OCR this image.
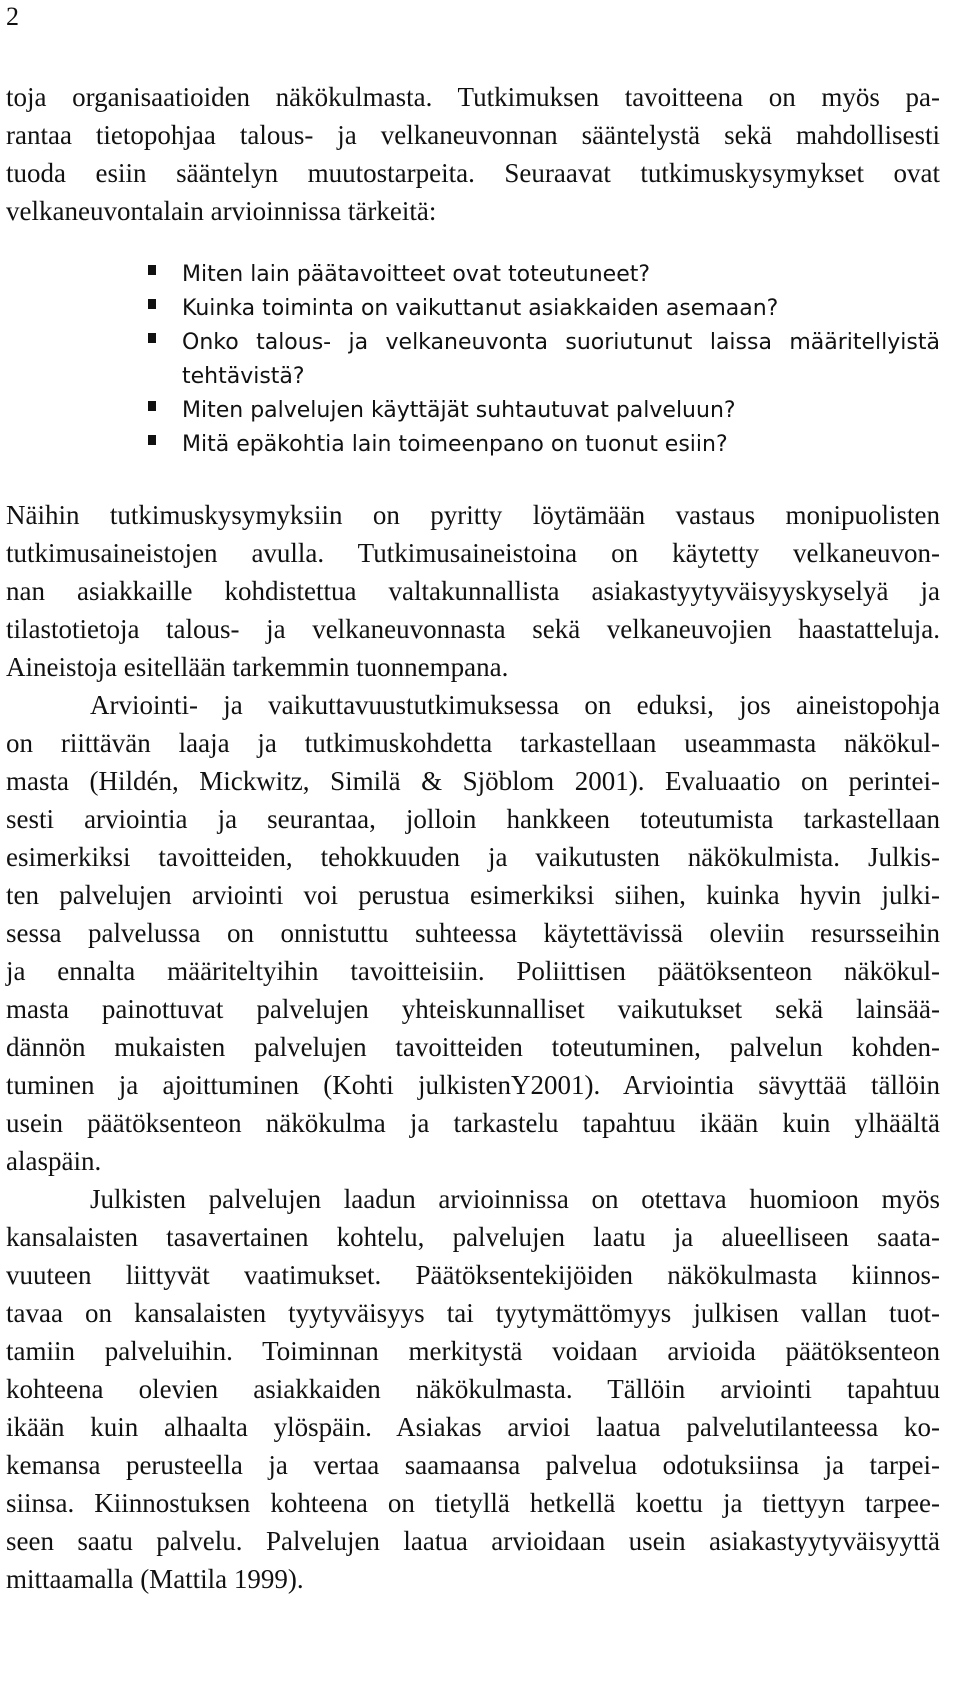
2
toja organisaatioiden näkökulmasta. Tutkimuksen tavoitteena on myös pa-
rantaa tietopohjaa talous- ja velkaneuvonnan sääntelystä sekä mahdollisesti
tuoda esiin sääntelyn muutostarpeita. Seuraavat tutkimuskysymykset ovat
velkaneuvontalain arvioinnissa tärkeitä:
Miten lain päätavoitteet ovat toteutuneet?
Kuinka toiminta on vaikuttanut asiakkaiden asemaan?
Onko talous- ja velkaneuvonta suoriutunut laissa määritellyistä
tehtävistä?
Miten palvelujen käyttäjät suhtautuvat palveluun?
Mitä epäkohtia lain toimeenpano on tuonut esiin?
Näihin tutkimuskysymyksiin on pyritty löytämään vastaus monipuolisten
tutkimusaineistojen avulla. Tutkimusaineistoina on käytetty velkaneuvon-
nan asiakkaille kohdistettua valtakunnallista asiakastyytyväisyyskyselyä ja
tilastotietoja talous- ja velkaneuvonnasta sekä velkaneuvojien haastatteluja.
Aineistoja esitellään tarkemmin tuonnempana.
Arviointi- ja vaikuttavuustutkimuksessa on eduksi, jos aineistopohja
on riittävän laaja ja tutkimuskohdetta tarkastellaan useammasta näkökul-
masta (Hildén, Mickwitz, Similä & Sjöblom 2001). Evaluaatio on perintei-
sesti arviointia ja seurantaa, jolloin hankkeen toteutumista tarkastellaan
esimerkiksi tavoitteiden, tehokkuuden ja vaikutusten näkökulmista. Julkis-
ten palvelujen arviointi voi perustua esimerkiksi siihen, kuinka hyvin julki-
sessa palvelussa on onnistuttu suhteessa käytettävissä oleviin resursseihin
ja ennalta määriteltyihin tavoitteisiin. Poliittisen päätöksenteon näkökul-
masta painottuvat palvelujen yhteiskunnalliset vaikutukset sekä lainsää-
dännön mukaisten palvelujen tavoitteiden toteutuminen, palvelun kohden-
tuminen ja ajoittuminen (Kohti julkistenY2001). Arviointia sävyttää tällöin
usein päätöksenteon näkökulma ja tarkastelu tapahtuu ikään kuin ylhäältä
alaspäin.
Julkisten palvelujen laadun arvioinnissa on otettava huomioon myös
kansalaisten tasavertainen kohtelu, palvelujen laatu ja alueelliseen saata-
vuuteen liittyvät vaatimukset. Päätöksentekijöiden näkökulmasta kiinnos-
tavaa on kansalaisten tyytyväisyys tai tyytymättömyys julkisen vallan tuot-
tamiin palveluihin. Toiminnan merkitystä voidaan arvioida päätöksenteon
kohteena olevien asiakkaiden näkökulmasta. Tällöin arviointi tapahtuu
ikään kuin alhaalta ylöspäin. Asiakas arvioi laatua palvelutilanteessa ko-
kemansa perusteella ja vertaa saamaansa palvelua odotuksiinsa ja tarpei-
siinsa. Kiinnostuksen kohteena on tietyllä hetkellä koettu ja tiettyyn tarpee-
seen saatu palvelu. Palvelujen laatua arvioidaan usein asiakastyytyväisyyttä
mittaamalla (Mattila 1999).
